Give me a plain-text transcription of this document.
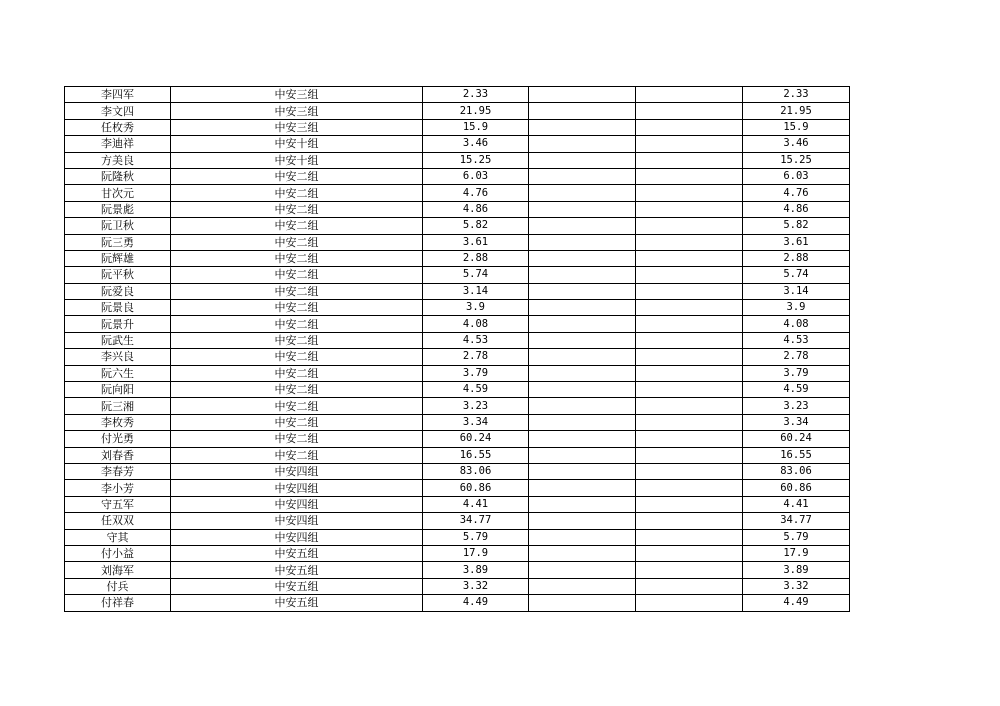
李四军	中安三组	2.33			2.33
李文四	中安三组	21.95			21.95
任枚秀	中安三组	15.9			15.9
李迪祥	中安十组	3.46			3.46
方美良	中安十组	15.25			15.25
阮隆秋	中安二组	6.03			6.03
甘次元	中安二组	4.76			4.76
阮景彪	中安二组	4.86			4.86
阮卫秋	中安二组	5.82			5.82
阮三勇	中安二组	3.61			3.61
阮辉雄	中安二组	2.88			2.88
阮平秋	中安二组	5.74			5.74
阮爱良	中安二组	3.14			3.14
阮景良	中安二组	3.9			3.9
阮景升	中安二组	4.08			4.08
阮武生	中安二组	4.53			4.53
李兴良	中安二组	2.78			2.78
阮六生	中安二组	3.79			3.79
阮向阳	中安二组	4.59			4.59
阮三湘	中安二组	3.23			3.23
李枚秀	中安二组	3.34			3.34
付光勇	中安二组	60.24			60.24
刘春香	中安二组	16.55			16.55
李春芳	中安四组	83.06			83.06
李小芳	中安四组	60.86			60.86
守五军	中安四组	4.41			4.41
任双双	中安四组	34.77			34.77
守其	中安四组	5.79			5.79
付小益	中安五组	17.9			17.9
刘海军	中安五组	3.89			3.89
付兵	中安五组	3.32			3.32
付祥春	中安五组	4.49			4.49
